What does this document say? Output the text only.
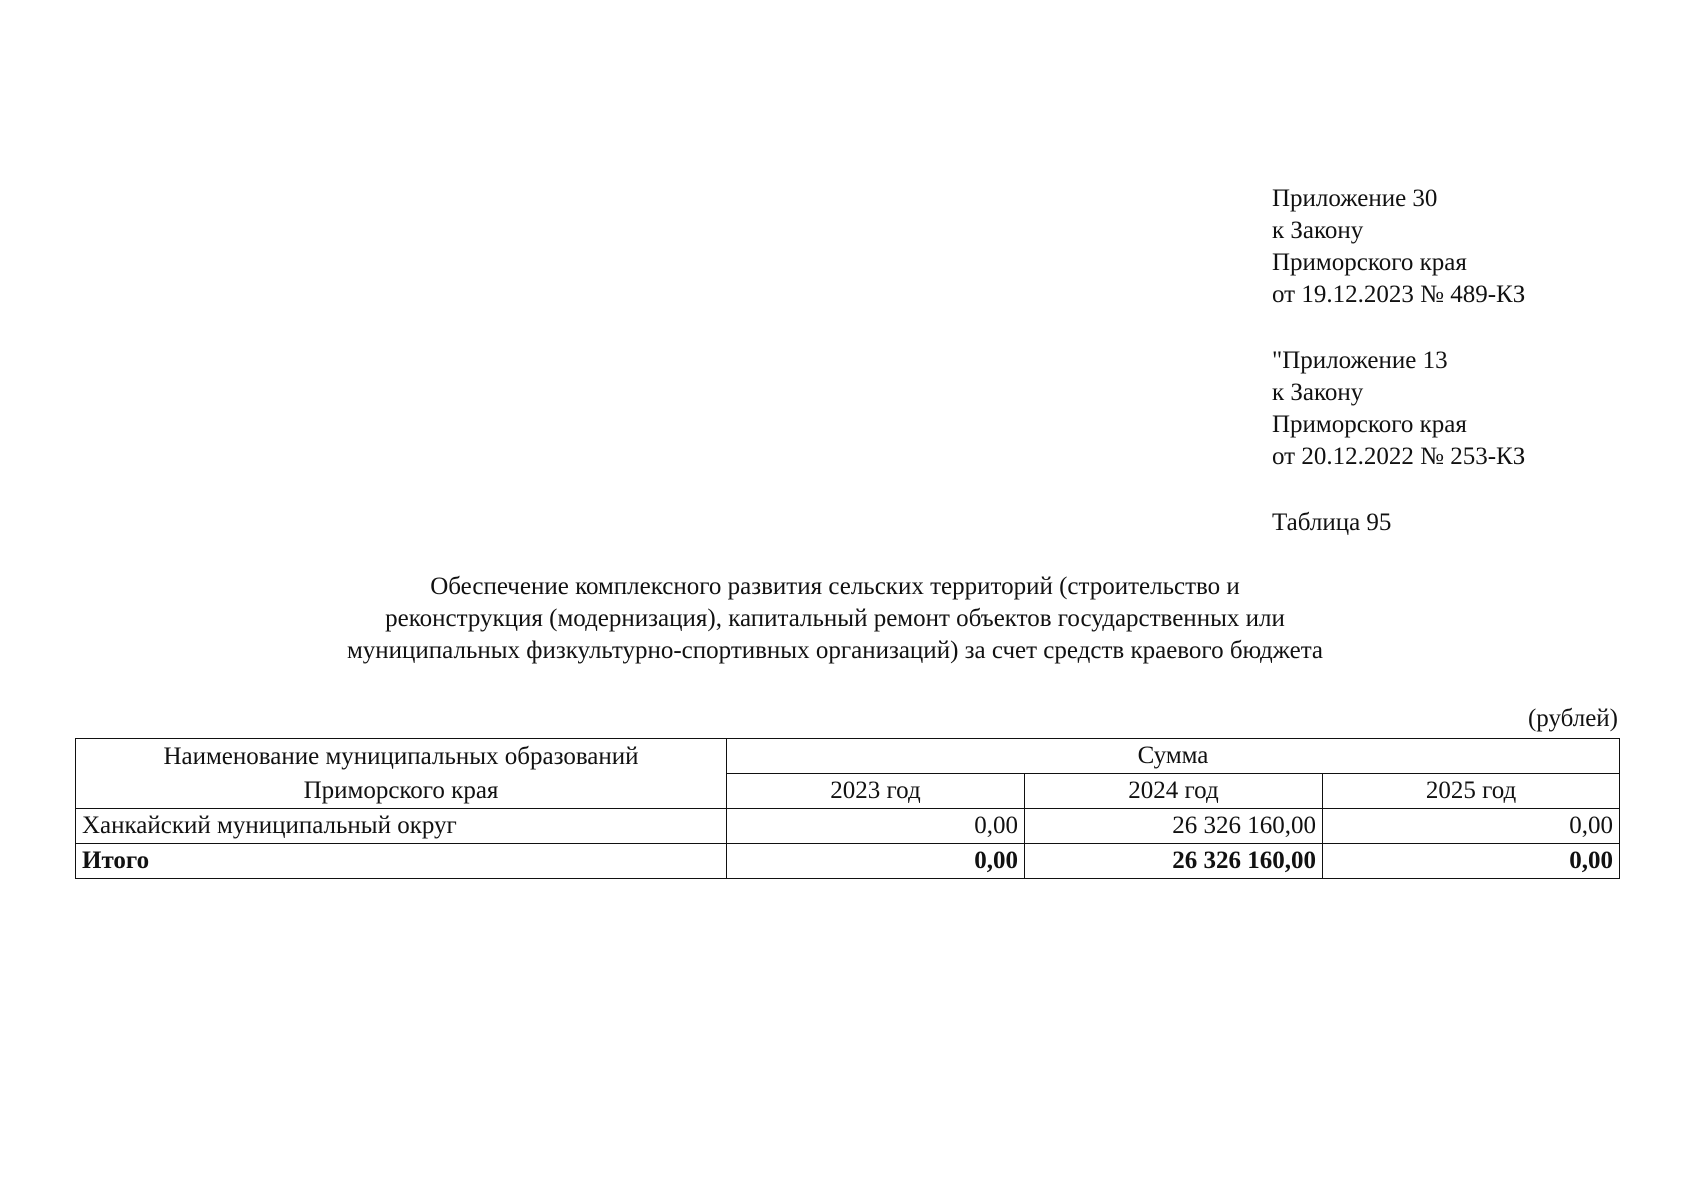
Приложение 30
к Закону
Приморского края
от 19.12.2023 № 489-КЗ
"Приложение 13
к Закону
Приморского края
от 20.12.2022 № 253-КЗ
Таблица 95
Обеспечение комплексного развития сельских территорий (строительство и
реконструкция (модернизация), капитальный ремонт объектов государственных или
муниципальных физкультурно-спортивных организаций) за счет средств краевого бюджета
(рублей)
Наименование муниципальных образований
Приморского края	Сумма		
	2023 год	2024 год	2025 год
Ханкайский муниципальный округ	0,00	26 326 160,00	0,00
Итого	0,00	26 326 160,00	0,00
